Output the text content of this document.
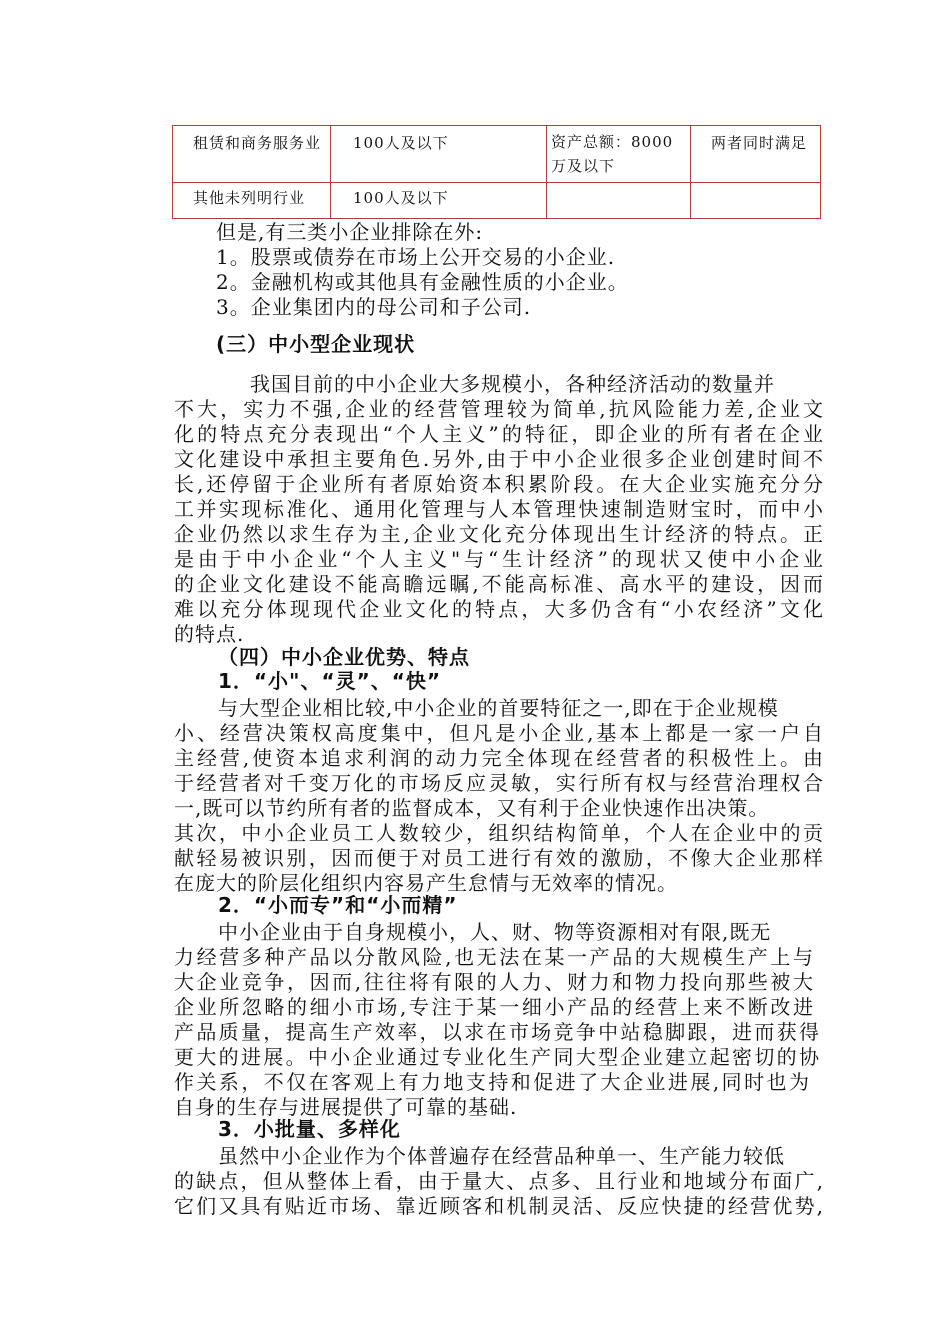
租赁和商务服务业	100人及以下	资产总额：8000万及以下	两者同时满足
其他未列明行业	100人及以下		
但是,有三类小企业排除在外:
1。股票或债券在市场上公开交易的小企业.
2。金融机构或其他具有金融性质的小企业。
3。企业集团内的母公司和子公司.
(三）中小型企业现状
我国目前的中小企业大多规模小，各种经济活动的数量并
不大，实力不强,企业的经营管理较为简单,抗风险能力差,企业文
化的特点充分表现出“个人主义”的特征，即企业的所有者在企业
文化建设中承担主要角色.另外,由于中小企业很多企业创建时间不
长,还停留于企业所有者原始资本积累阶段。在大企业实施充分分
工并实现标准化、通用化管理与人本管理快速制造财宝时，而中小
企业仍然以求生存为主,企业文化充分体现出生计经济的特点。正
是由于中小企业“个人主义"与“生计经济”的现状又使中小企业
的企业文化建设不能高瞻远瞩,不能高标准、高水平的建设，因而
难以充分体现现代企业文化的特点，大多仍含有“小农经济”文化
的特点.
（四）中小企业优势、特点
1．“小"、“灵”、“快”
与大型企业相比较,中小企业的首要特征之一,即在于企业规模
小、经营决策权高度集中，但凡是小企业,基本上都是一家一户自
主经营,使资本追求利润的动力完全体现在经营者的积极性上。由
于经营者对千变万化的市场反应灵敏，实行所有权与经营治理权合
一,既可以节约所有者的监督成本，又有利于企业快速作出决策。
其次，中小企业员工人数较少，组织结构简单，个人在企业中的贡
献轻易被识别，因而便于对员工进行有效的激励，不像大企业那样
在庞大的阶层化组织内容易产生怠情与无效率的情况。
2．“小而专”和“小而精”
中小企业由于自身规模小，人、财、物等资源相对有限,既无
力经营多种产品以分散风险,也无法在某一产品的大规模生产上与
大企业竞争，因而,往往将有限的人力、财力和物力投向那些被大
企业所忽略的细小市场,专注于某一细小产品的经营上来不断改进
产品质量，提高生产效率，以求在市场竞争中站稳脚跟，进而获得
更大的进展。中小企业通过专业化生产同大型企业建立起密切的协
作关系，不仅在客观上有力地支持和促进了大企业进展,同时也为
自身的生存与进展提供了可靠的基础.
3．小批量、多样化
虽然中小企业作为个体普遍存在经营品种单一、生产能力较低
的缺点，但从整体上看，由于量大、点多、且行业和地域分布面广,
它们又具有贴近市场、靠近顾客和机制灵活、反应快捷的经营优势,
